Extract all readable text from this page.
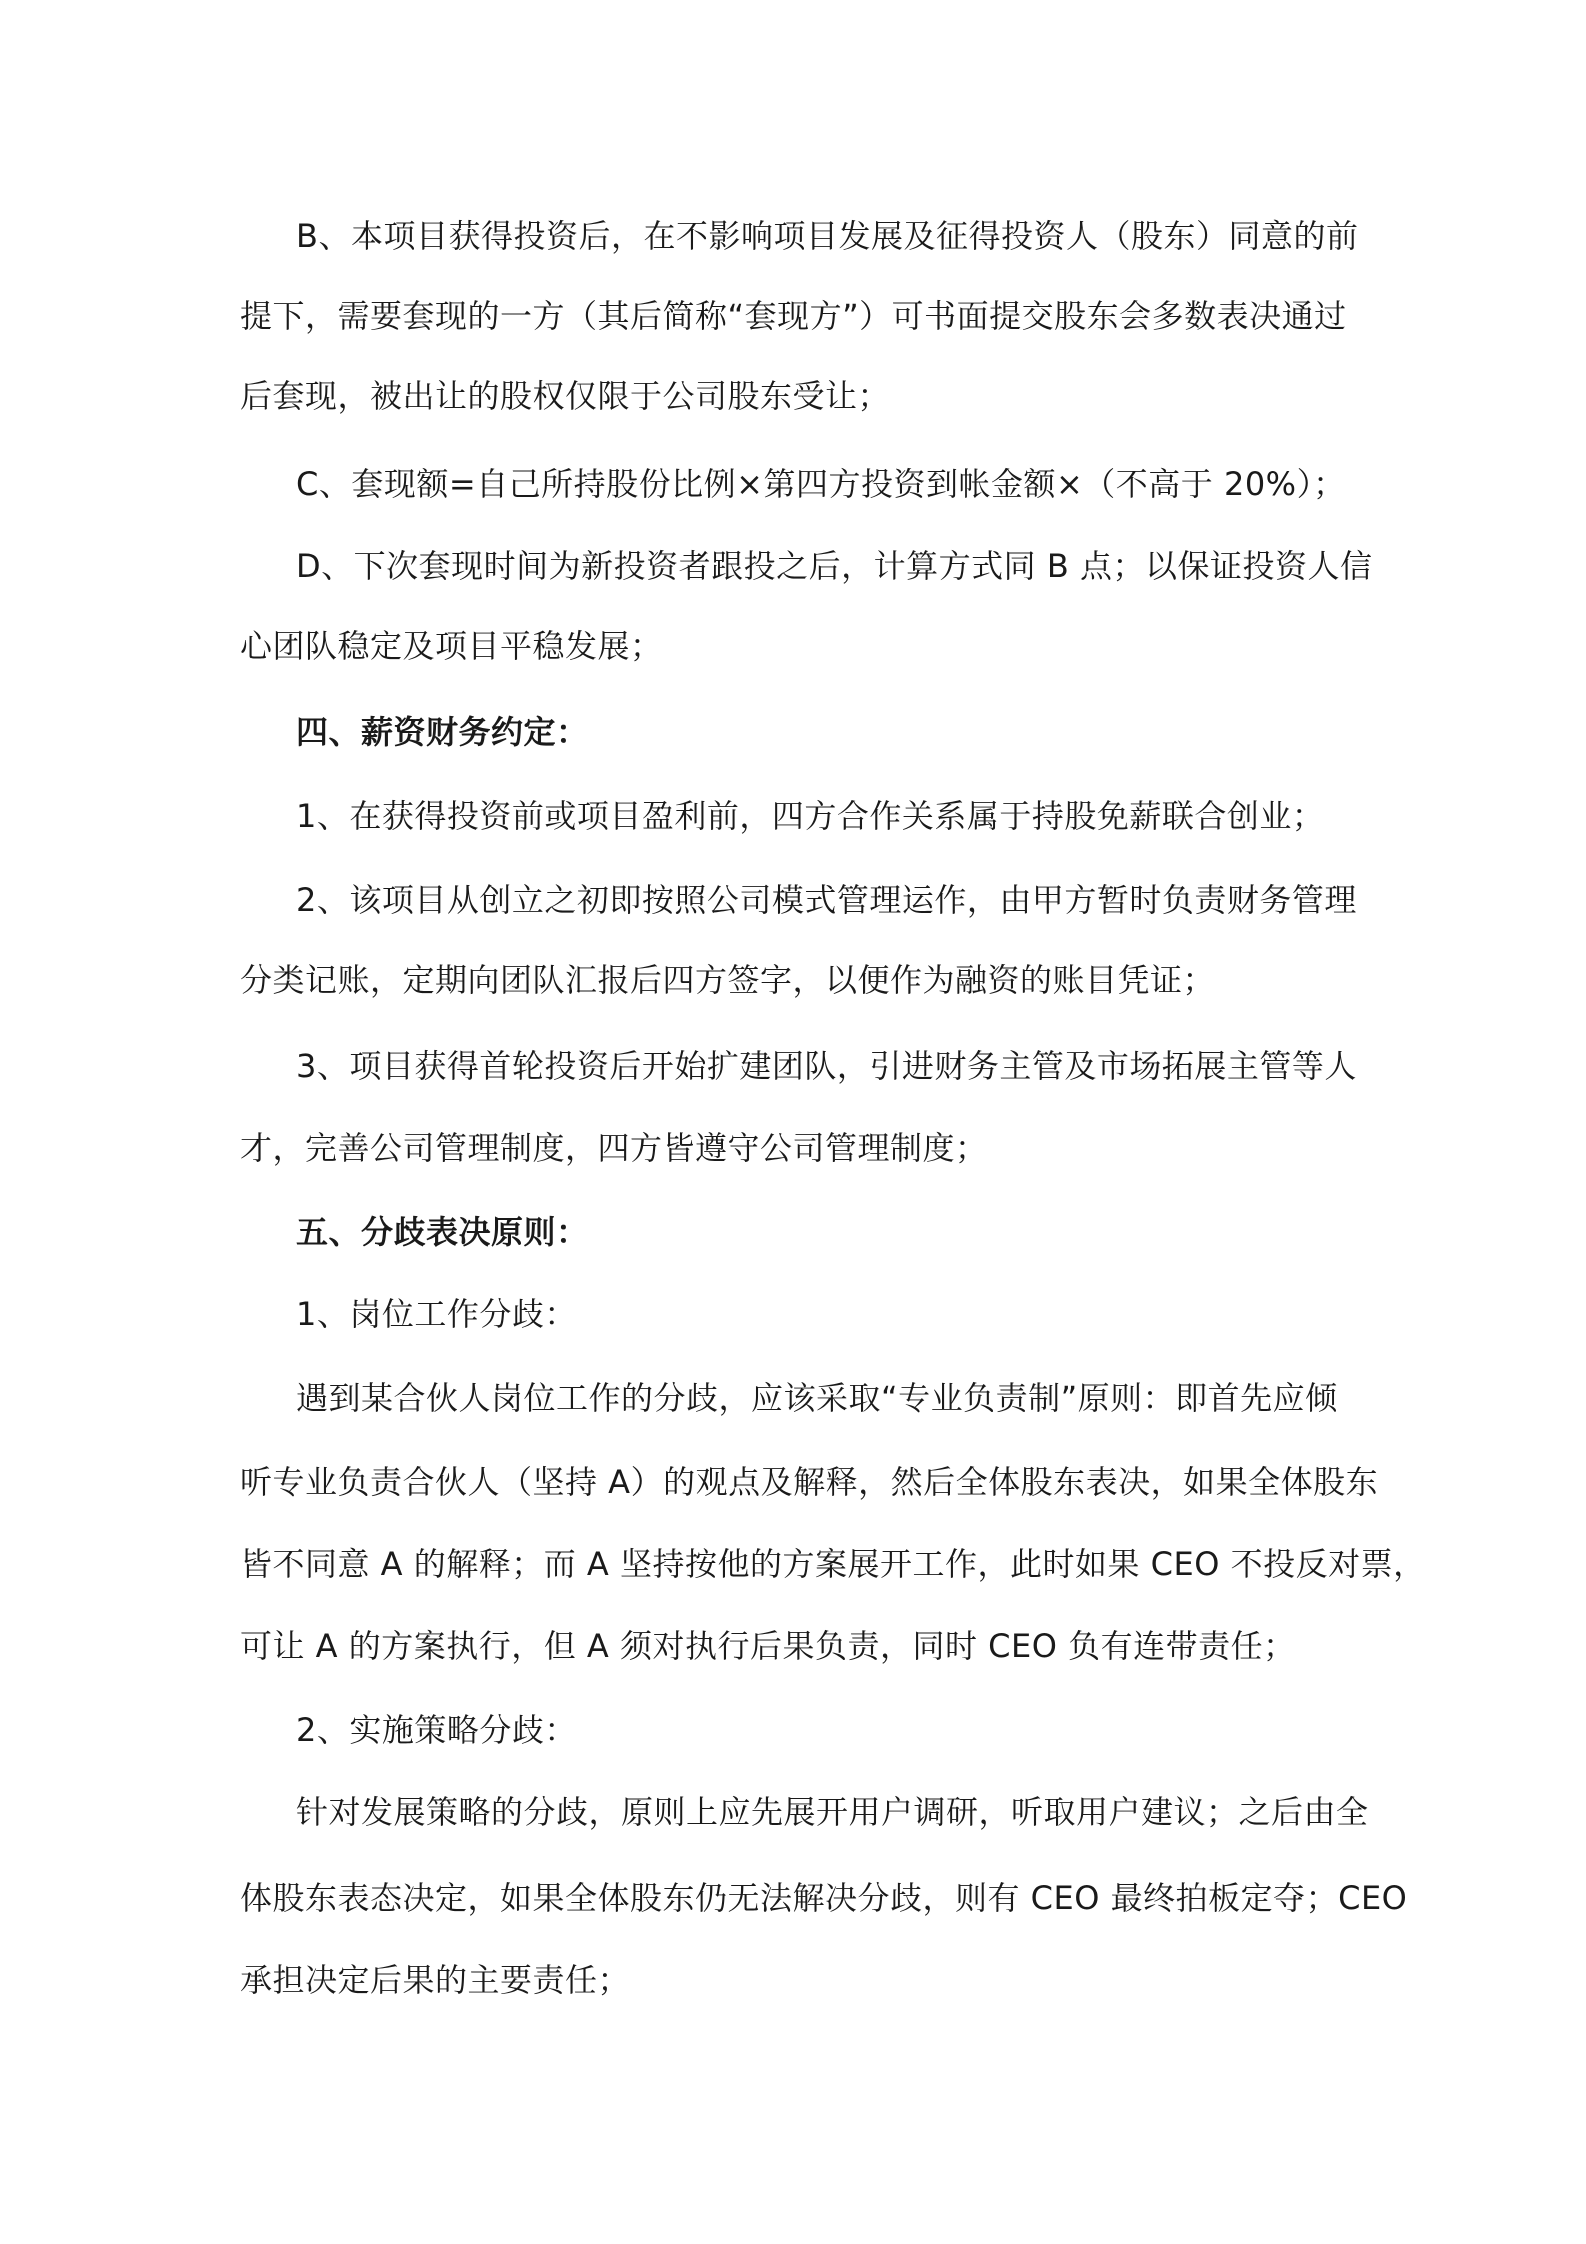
B、本项目获得投资后，在不影响项目发展及征得投资人（股东）同意的前
提下，需要套现的一方（其后简称“套现方”）可书面提交股东会多数表决通过
后套现，被出让的股权仅限于公司股东受让；
C、套现额=自己所持股份比例×第四方投资到帐金额×（不高于 20%）；
D、下次套现时间为新投资者跟投之后，计算方式同 B 点；以保证投资人信
心团队稳定及项目平稳发展；
四、薪资财务约定：
1、在获得投资前或项目盈利前，四方合作关系属于持股免薪联合创业；
2、该项目从创立之初即按照公司模式管理运作，由甲方暂时负责财务管理
分类记账，定期向团队汇报后四方签字，以便作为融资的账目凭证；
3、项目获得首轮投资后开始扩建团队，引进财务主管及市场拓展主管等人
才，完善公司管理制度，四方皆遵守公司管理制度；
五、分歧表决原则：
1、岗位工作分歧：
遇到某合伙人岗位工作的分歧，应该采取“专业负责制”原则：即首先应倾
听专业负责合伙人（坚持 A）的观点及解释，然后全体股东表决，如果全体股东
皆不同意 A 的解释；而 A 坚持按他的方案展开工作，此时如果 CEO 不投反对票，
可让 A 的方案执行，但 A 须对执行后果负责，同时 CEO 负有连带责任；
2、实施策略分歧：
针对发展策略的分歧，原则上应先展开用户调研，听取用户建议；之后由全
体股东表态决定，如果全体股东仍无法解决分歧，则有 CEO 最终拍板定夺；CEO
承担决定后果的主要责任；
